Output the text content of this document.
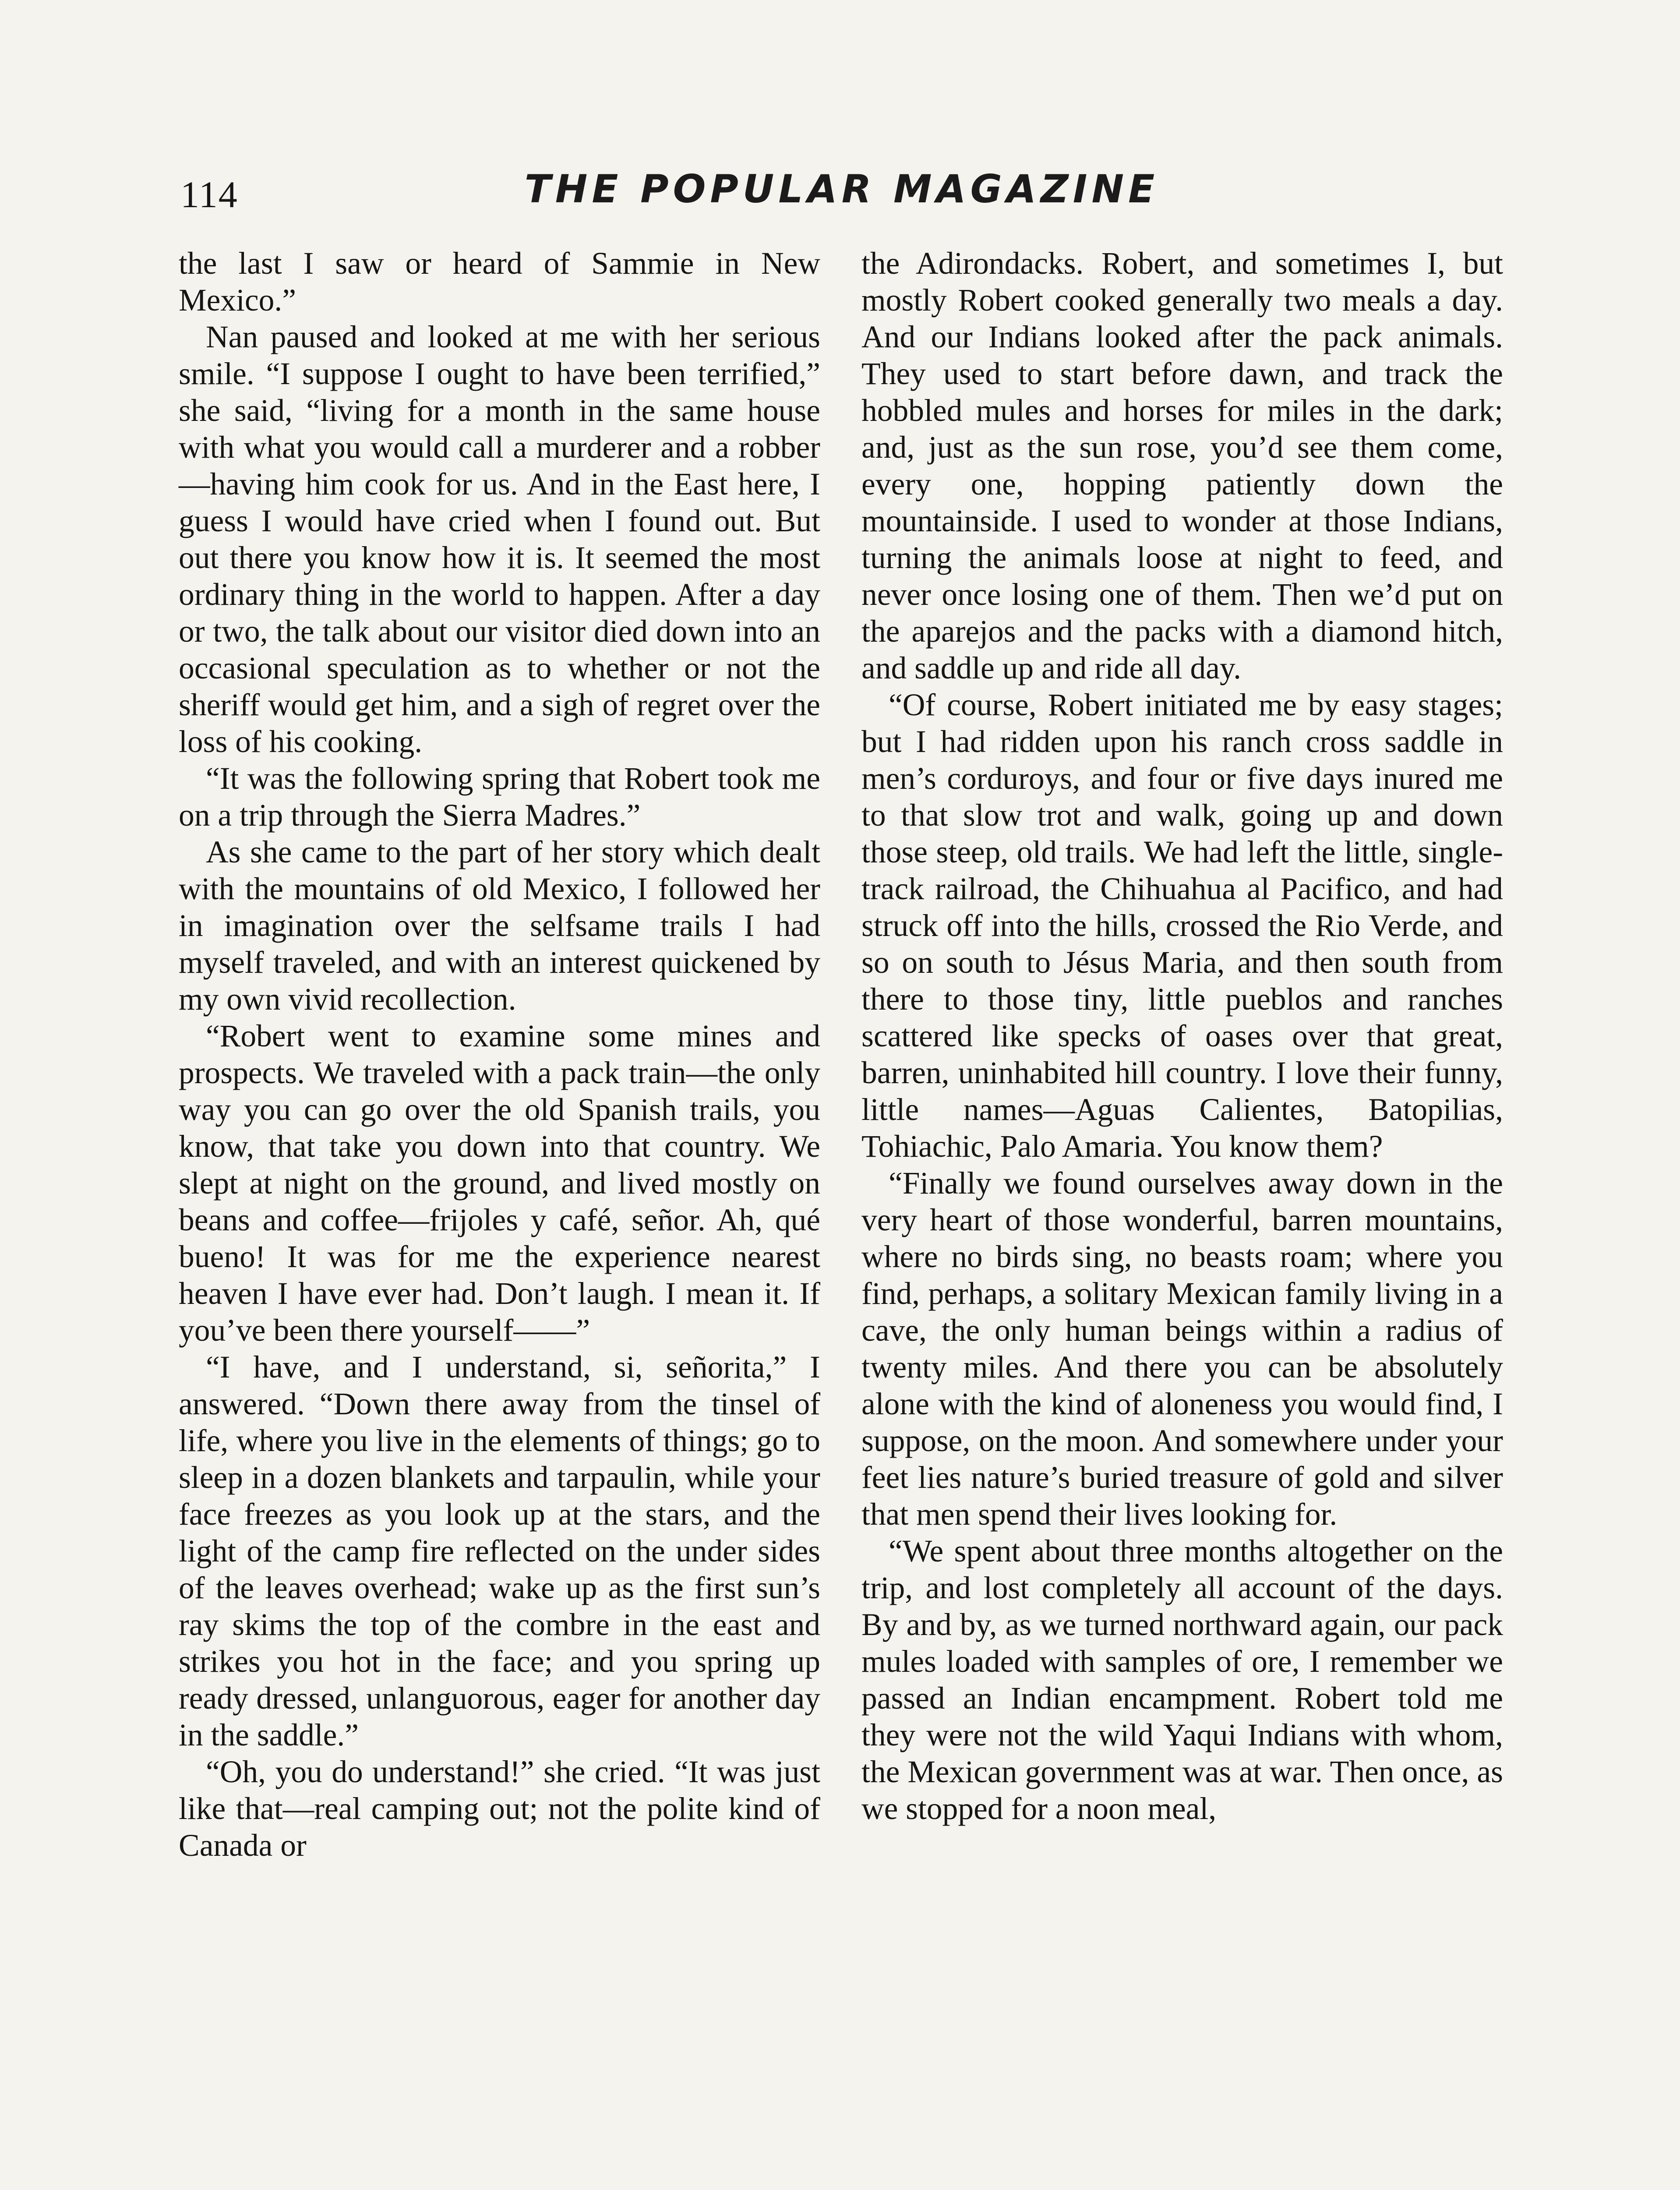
114	THE POPULAR MAGAZINE

the last I saw or heard of Sammie in New Mexico.”

Nan paused and looked at me with her serious smile. “I suppose I ought to have been terrified,” she said, “living for a month in the same house with what you would call a murderer and a robber—having him cook for us. And in the East here, I guess I would have cried when I found out. But out there you know how it is. It seemed the most ordinary thing in the world to happen. After a day or two, the talk about our visitor died down into an occasional speculation as to whether or not the sheriff would get him, and a sigh of regret over the loss of his cooking.

“It was the following spring that Robert took me on a trip through the Sierra Madres.”

As she came to the part of her story which dealt with the mountains of old Mexico, I followed her in imagination over the selfsame trails I had myself traveled, and with an interest quickened by my own vivid recollection.

“Robert went to examine some mines and prospects. We traveled with a pack train—the only way you can go over the old Spanish trails, you know, that take you down into that country. We slept at night on the ground, and lived mostly on beans and coffee—frijoles y café, señor. Ah, qué bueno! It was for me the experience nearest heaven I have ever had. Don’t laugh. I mean it. If you’ve been there yourself——”

“I have, and I understand, si, señorita,” I answered. “Down there away from the tinsel of life, where you live in the elements of things; go to sleep in a dozen blankets and tarpaulin, while your face freezes as you look up at the stars, and the light of the camp fire reflected on the under sides of the leaves overhead; wake up as the first sun’s ray skims the top of the combre in the east and strikes you hot in the face; and you spring up ready dressed, unlanguorous, eager for another day in the saddle.”

“Oh, you do understand!” she cried. “It was just like that—real camping out; not the polite kind of Canada or

the Adirondacks. Robert, and sometimes I, but mostly Robert cooked generally two meals a day. And our Indians looked after the pack animals. They used to start before dawn, and track the hobbled mules and horses for miles in the dark; and, just as the sun rose, you’d see them come, every one, hopping patiently down the mountainside. I used to wonder at those Indians, turning the animals loose at night to feed, and never once losing one of them. Then we’d put on the aparejos and the packs with a diamond hitch, and saddle up and ride all day.

“Of course, Robert initiated me by easy stages; but I had ridden upon his ranch cross saddle in men’s corduroys, and four or five days inured me to that slow trot and walk, going up and down those steep, old trails. We had left the little, single-track railroad, the Chihuahua al Pacifico, and had struck off into the hills, crossed the Rio Verde, and so on south to Jésus Maria, and then south from there to those tiny, little pueblos and ranches scattered like specks of oases over that great, barren, uninhabited hill country. I love their funny, little names—Aguas Calientes, Batopilias, Tohiachic, Palo Amaria. You know them?

“Finally we found ourselves away down in the very heart of those wonderful, barren mountains, where no birds sing, no beasts roam; where you find, perhaps, a solitary Mexican family living in a cave, the only human beings within a radius of twenty miles. And there you can be absolutely alone with the kind of aloneness you would find, I suppose, on the moon. And somewhere under your feet lies nature’s buried treasure of gold and silver that men spend their lives looking for.

“We spent about three months altogether on the trip, and lost completely all account of the days. By and by, as we turned northward again, our pack mules loaded with samples of ore, I remember we passed an Indian encampment. Robert told me they were not the wild Yaqui Indians with whom, the Mexican government was at war. Then once, as we stopped for a noon meal,
